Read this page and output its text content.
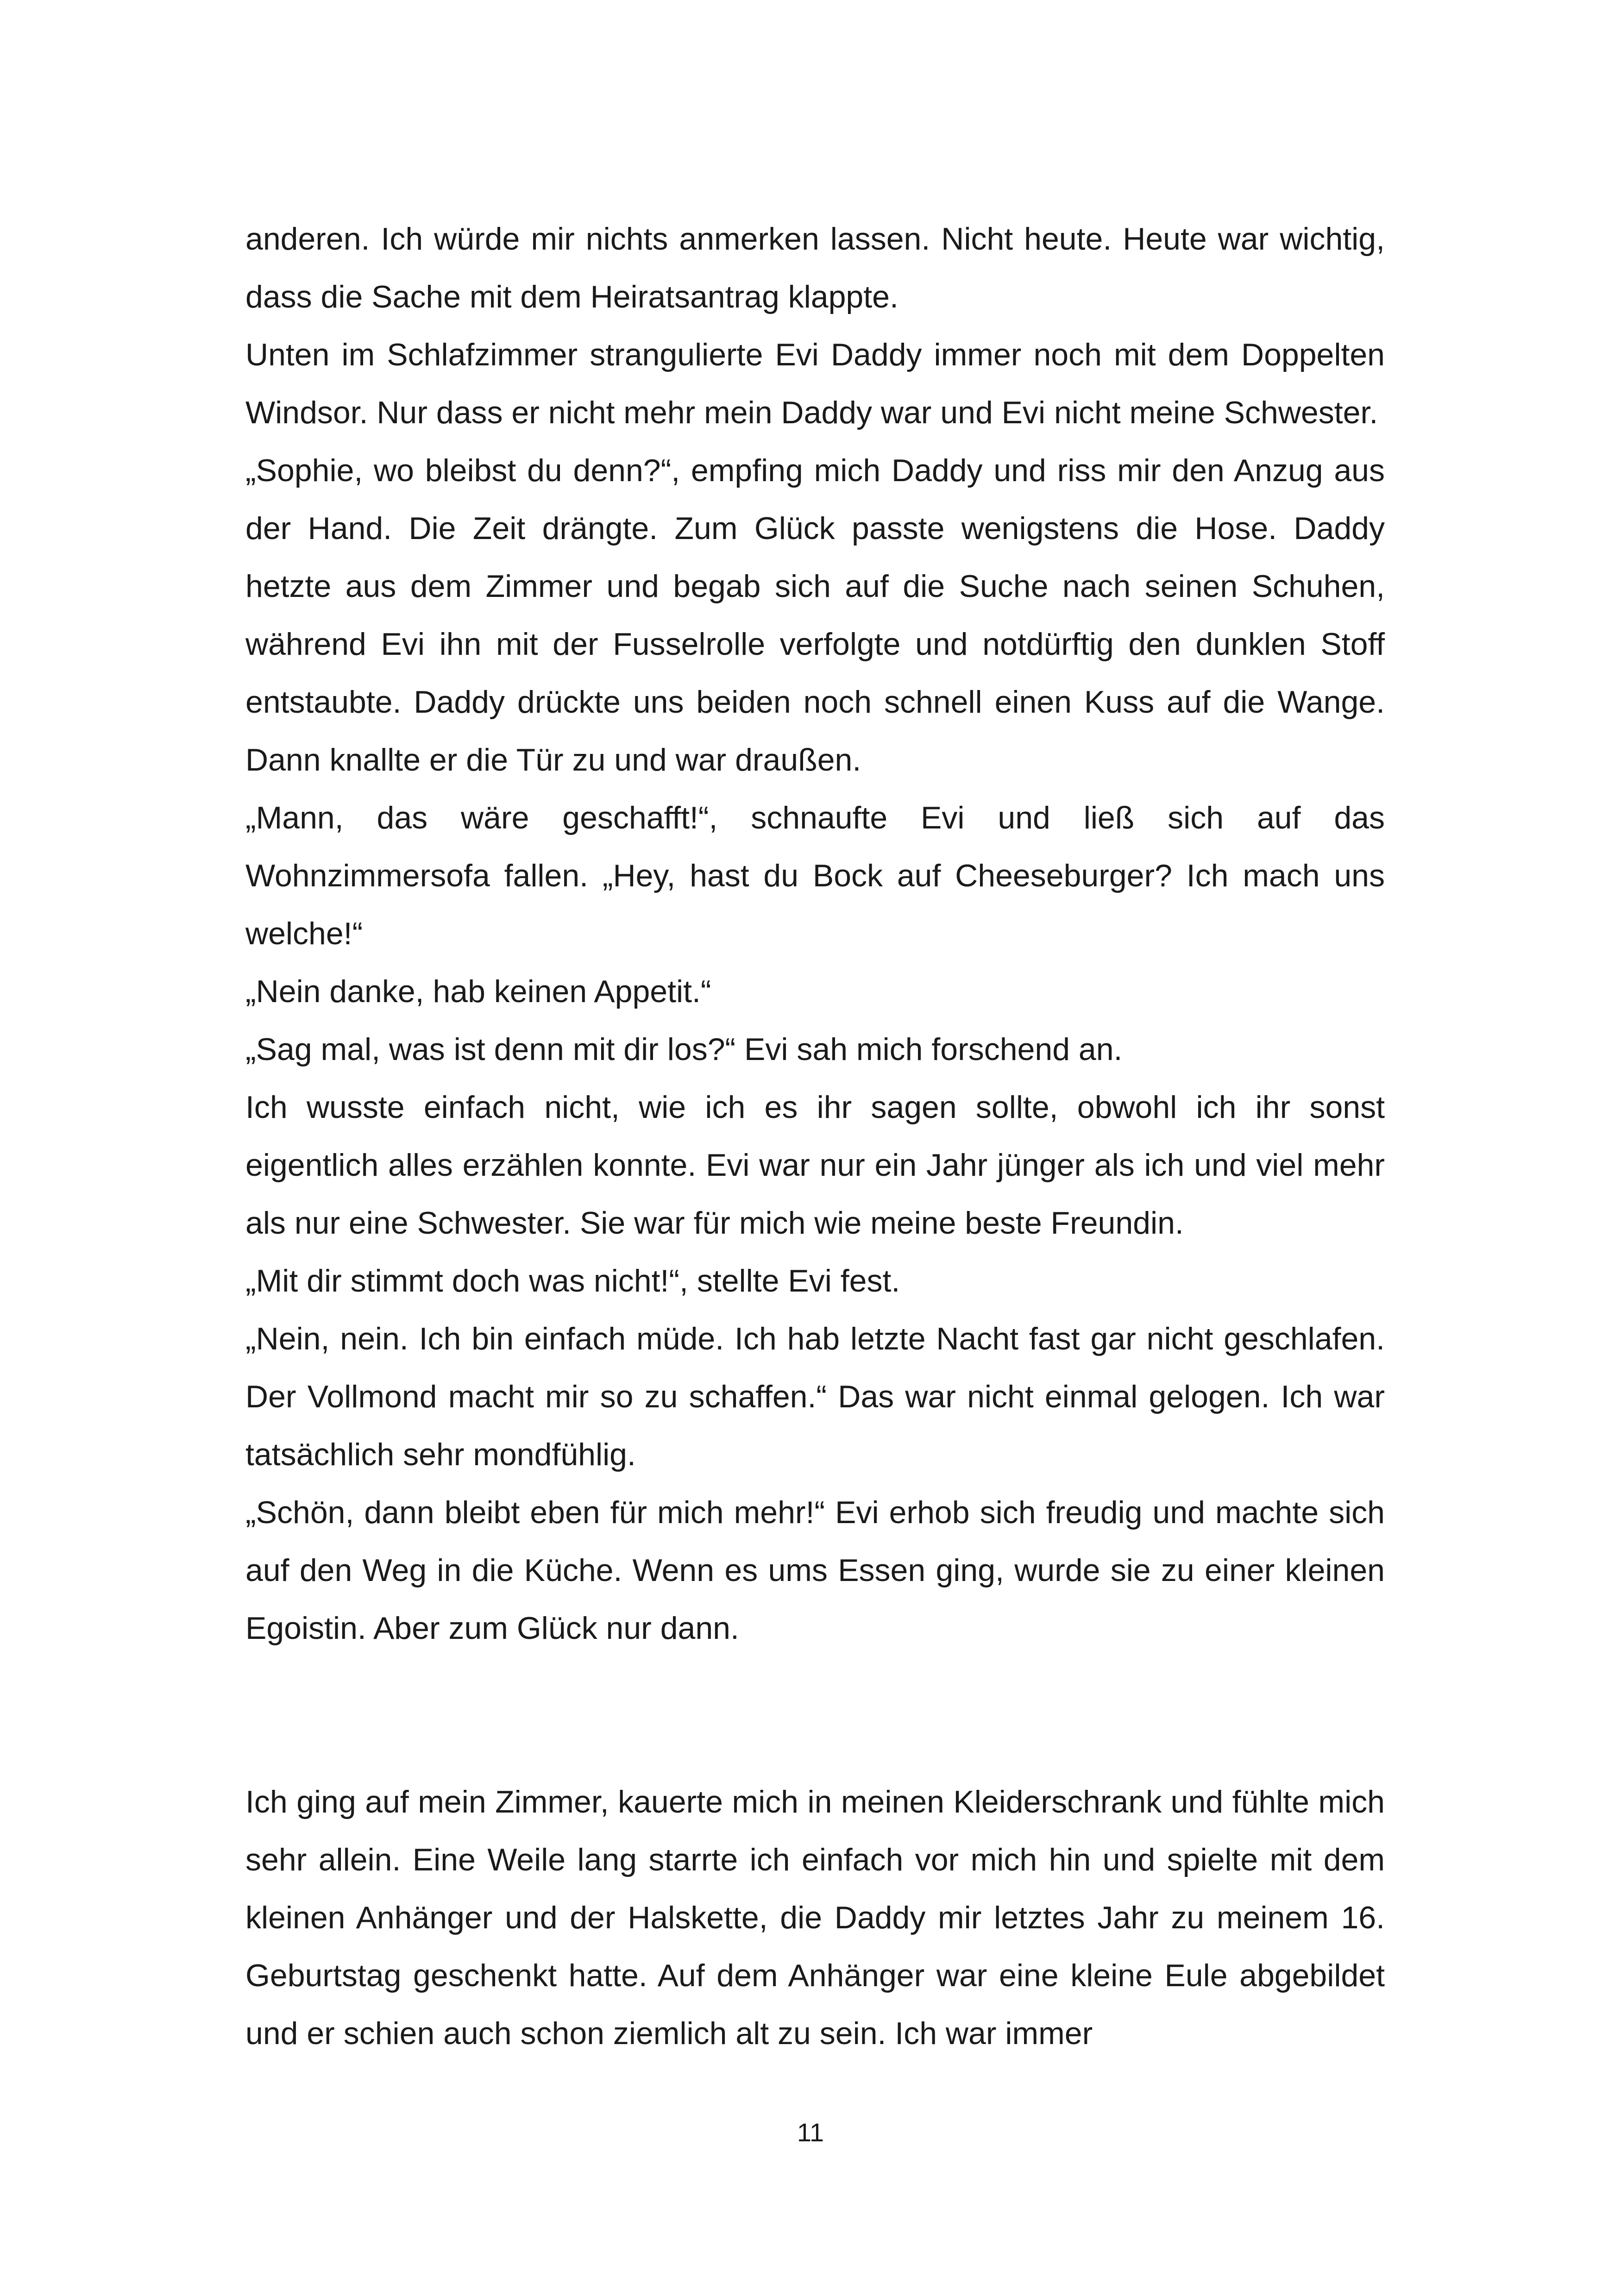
anderen. Ich würde mir nichts anmerken lassen. Nicht heute. Heute war wichtig, dass die Sache mit dem Heiratsantrag klappte.

Unten im Schlafzimmer strangulierte Evi Daddy immer noch mit dem Doppelten Windsor. Nur dass er nicht mehr mein Daddy war und Evi nicht meine Schwester.

„Sophie, wo bleibst du denn?“, empfing mich Daddy und riss mir den Anzug aus der Hand. Die Zeit drängte. Zum Glück passte wenigstens die Hose. Daddy hetzte aus dem Zimmer und begab sich auf die Suche nach seinen Schuhen, während Evi ihn mit der Fusselrolle verfolgte und notdürftig den dunklen Stoff entstaubte. Daddy drückte uns beiden noch schnell einen Kuss auf die Wange. Dann knallte er die Tür zu und war draußen.

„Mann, das wäre geschafft!“, schnaufte Evi und ließ sich auf das Wohnzimmersofa fallen. „Hey, hast du Bock auf Cheeseburger? Ich mach uns welche!“

„Nein danke, hab keinen Appetit.“

„Sag mal, was ist denn mit dir los?“ Evi sah mich forschend an.

Ich wusste einfach nicht, wie ich es ihr sagen sollte, obwohl ich ihr sonst eigentlich alles erzählen konnte. Evi war nur ein Jahr jünger als ich und viel mehr als nur eine Schwester. Sie war für mich wie meine beste Freundin.

„Mit dir stimmt doch was nicht!“, stellte Evi fest.

„Nein, nein. Ich bin einfach müde. Ich hab letzte Nacht fast gar nicht geschlafen. Der Vollmond macht mir so zu schaffen.“ Das war nicht einmal gelogen. Ich war tatsächlich sehr mondfühlig.

„Schön, dann bleibt eben für mich mehr!“ Evi erhob sich freudig und machte sich auf den Weg in die Küche. Wenn es ums Essen ging, wurde sie zu einer kleinen Egoistin. Aber zum Glück nur dann.

Ich ging auf mein Zimmer, kauerte mich in meinen Kleiderschrank und fühlte mich sehr allein. Eine Weile lang starrte ich einfach vor mich hin und spielte mit dem kleinen Anhänger und der Halskette, die Daddy mir letztes Jahr zu meinem 16. Geburtstag geschenkt hatte. Auf dem Anhänger war eine kleine Eule abgebildet und er schien auch schon ziemlich alt zu sein. Ich war immer

11
